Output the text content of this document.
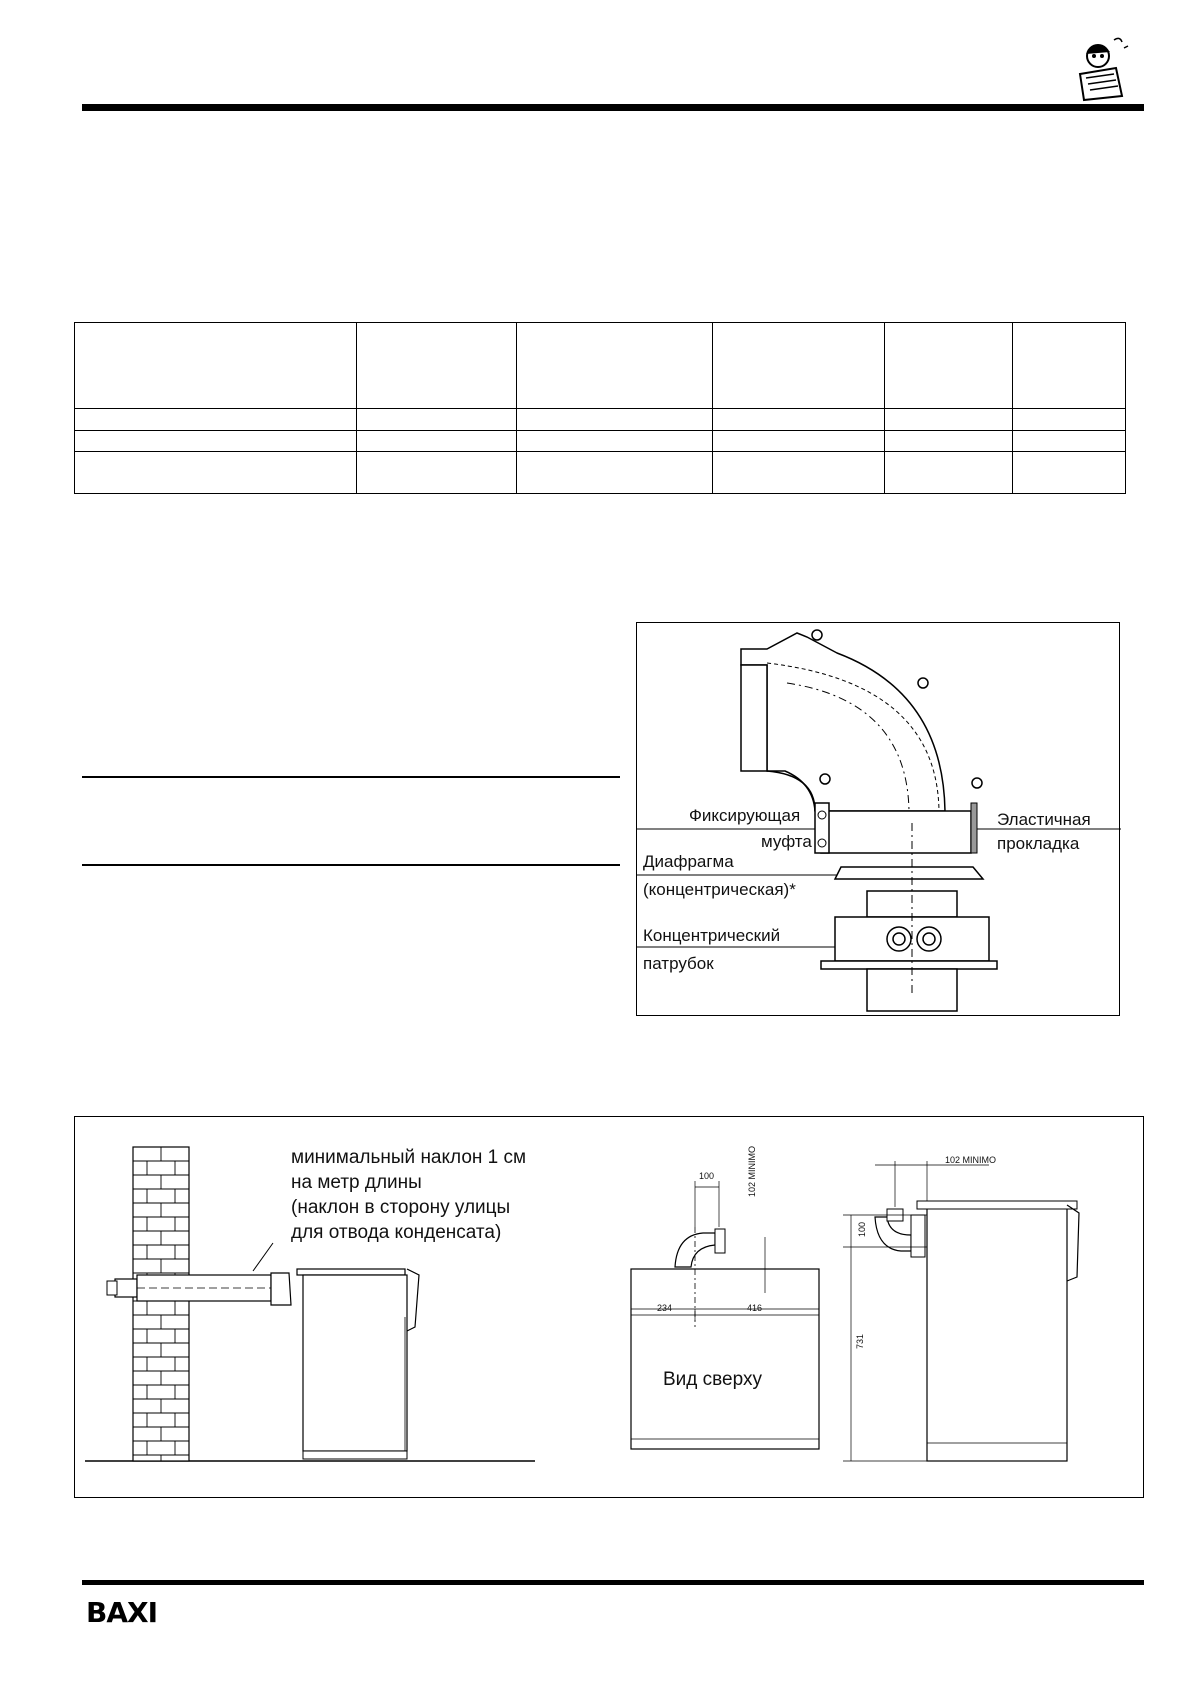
Фиксирующая
муфта
Эластичная
прокладка
Диафрагма
(концентрическая)*
Концентрический
патрубок
минимальный наклон 1 см
на метр длины
(наклон в сторону улицы
для отвода конденсата)
Вид сверху
100	102 MINIMO
234	416
102 MINIMO
100
731
BAXI
